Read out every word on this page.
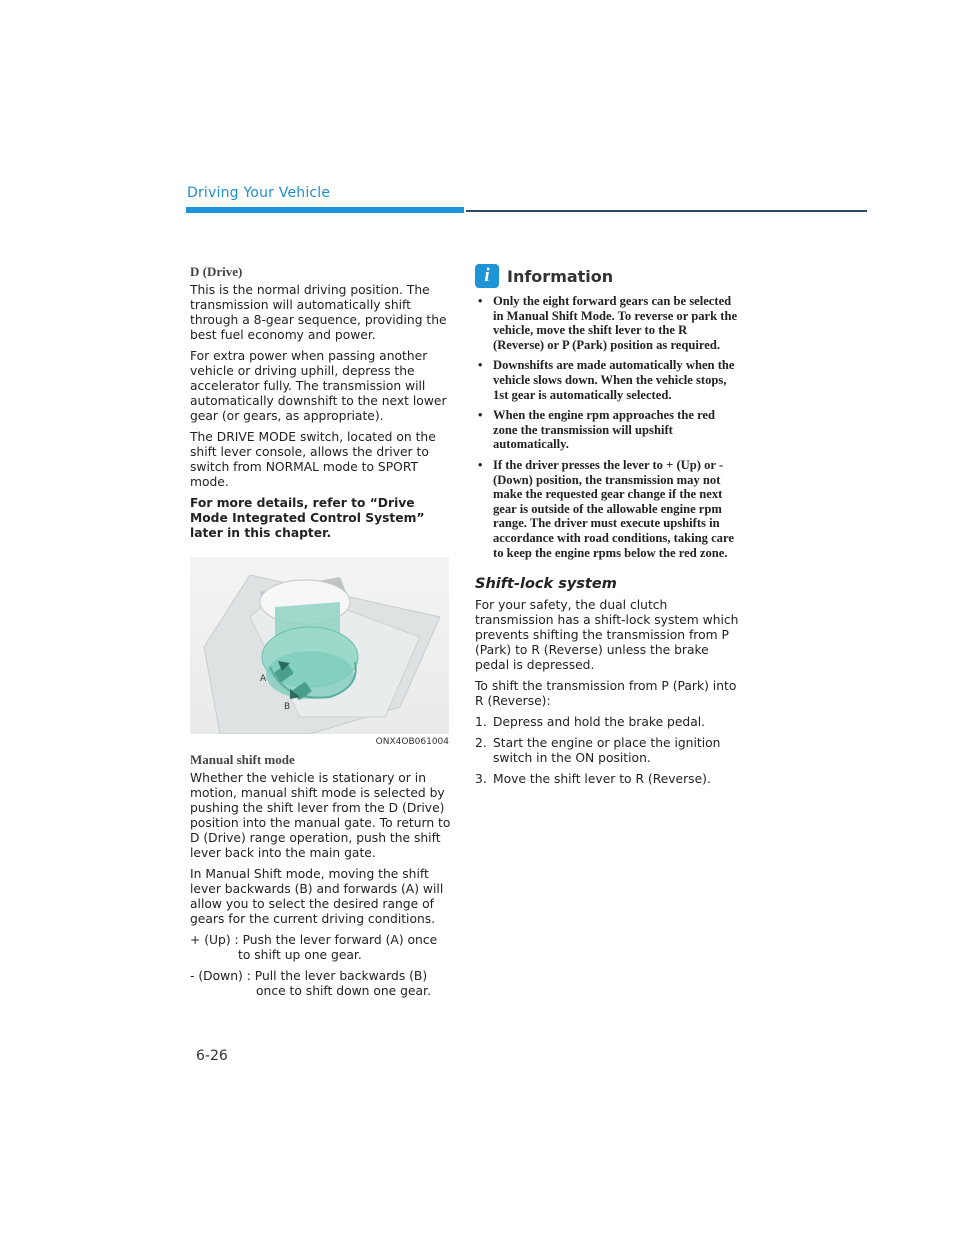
Driving Your Vehicle
D (Drive)

This is the normal driving position. The transmission will automatically shift through a 8-gear sequence, providing the best fuel economy and power.

For extra power when passing another vehicle or driving uphill, depress the accelerator fully. The transmission will automatically downshift to the next lower gear (or gears, as appropriate).

The DRIVE MODE switch, located on the shift lever console, allows the driver to switch from NORMAL mode to SPORT mode.

For more details, refer to “Drive Mode Integrated Control System” later in this chapter.

A
B
ONX4OB061004
Manual shift mode

Whether the vehicle is stationary or in motion, manual shift mode is selected by pushing the shift lever from the D (Drive) position into the manual gate. To return to D (Drive) range operation, push the shift lever back into the main gate.

In Manual Shift mode, moving the shift lever backwards (B) and forwards (A) will allow you to select the desired range of gears for the current driving conditions.

+ (Up) : Push the lever forward (A) once
to shift up one gear.
- (Down) : Pull the lever backwards (B)
once to shift down one gear.
i	Information
• Only the eight forward gears can be selected in Manual Shift Mode. To reverse or park the vehicle, move the shift lever to the R (Reverse) or P (Park) position as required.
• Downshifts are made automatically when the vehicle slows down. When the vehicle stops, 1st gear is automatically selected.
• When the engine rpm approaches the red zone the transmission will upshift automatically.
• If the driver presses the lever to + (Up) or - (Down) position, the transmission may not make the requested gear change if the next gear is outside of the allowable engine rpm range. The driver must execute upshifts in accordance with road conditions, taking care to keep the engine rpms below the red zone.
Shift-lock system

For your safety, the dual clutch transmission has a shift-lock system which prevents shifting the transmission from P (Park) to R (Reverse) unless the brake pedal is depressed.

To shift the transmission from P (Park) into R (Reverse):

1. Depress and hold the brake pedal.
2. Start the engine or place the ignition switch in the ON position.
3. Move the shift lever to R (Reverse).
6-26
